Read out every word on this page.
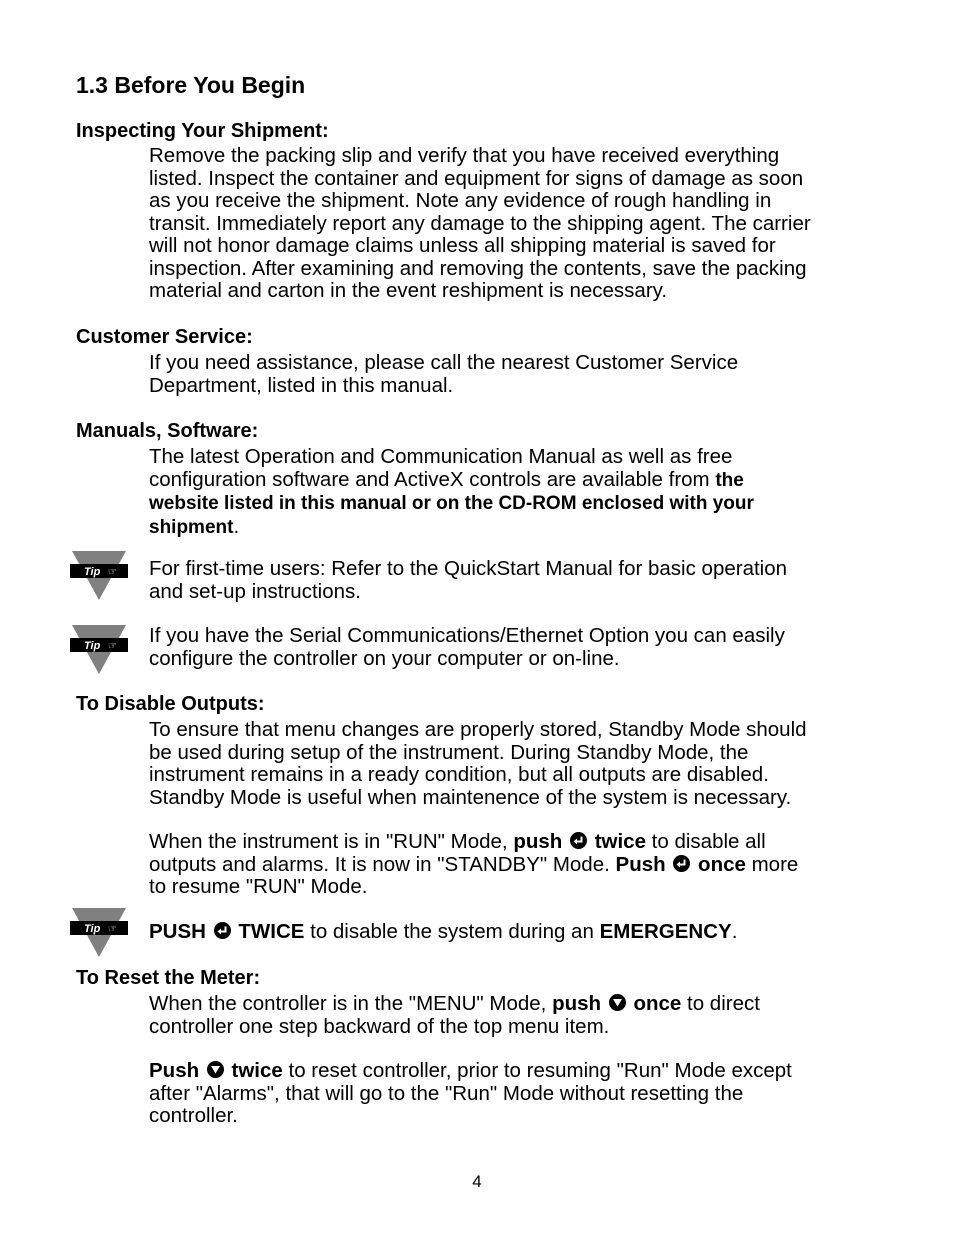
1.3 Before You Begin
Inspecting Your Shipment:
Remove the packing slip and verify that you have received everything
listed. Inspect the container and equipment for signs of damage as soon
as you receive the shipment. Note any evidence of rough handling in
transit. Immediately report any damage to the shipping agent. The carrier
will not honor damage claims unless all shipping material is saved for
inspection. After examining and removing the contents, save the packing
material and carton in the event reshipment is necessary.
Customer Service:
If you need assistance, please call the nearest Customer Service
Department, listed in this manual.
Manuals, Software:
The latest Operation and Communication Manual as well as free
configuration software and ActiveX controls are available from the
website listed in this manual or on the CD-ROM enclosed with your
shipment.
Tip ☞ For first-time users: Refer to the QuickStart Manual for basic operation
and set-up instructions.
Tip ☞ If you have the Serial Communications/Ethernet Option you can easily
configure the controller on your computer or on-line.
To Disable Outputs:
To ensure that menu changes are properly stored, Standby Mode should
be used during setup of the instrument. During Standby Mode, the
instrument remains in a ready condition, but all outputs are disabled.
Standby Mode is useful when maintenence of the system is necessary.
When the instrument is in "RUN" Mode, push twice to disable all
outputs and alarms. It is now in "STANDBY" Mode. Push once more
to resume "RUN" Mode.
Tip ☞ PUSH TWICE to disable the system during an EMERGENCY.
To Reset the Meter:
When the controller is in the "MENU" Mode, push once to direct
controller one step backward of the top menu item.
Push twice to reset controller, prior to resuming "Run" Mode except
after "Alarms", that will go to the "Run" Mode without resetting the
controller.
4
